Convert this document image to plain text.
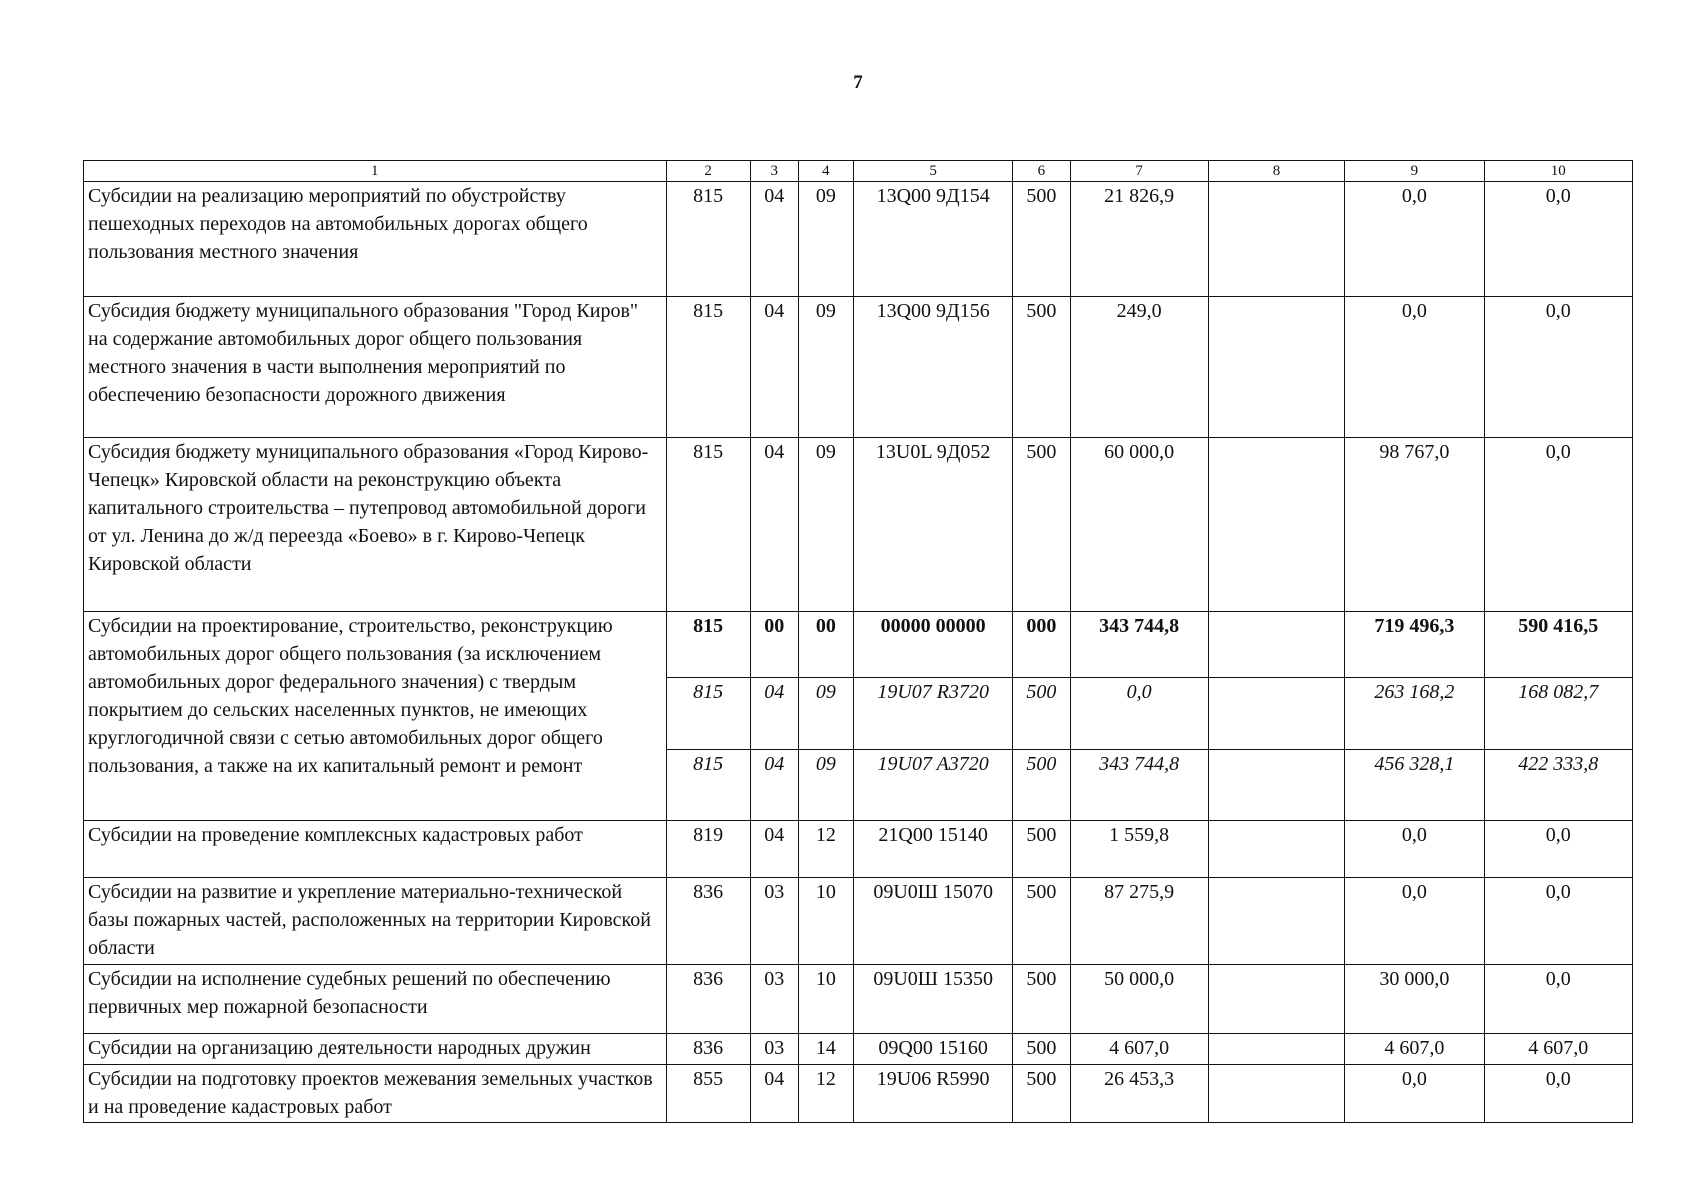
7
1	2	3	4	5	6	7	8	9	10
Субсидии на реализацию мероприятий по обустройству пешеходных переходов на автомобильных дорогах общего пользования местного значения	815	04	09	13Q00 9Д154	500	21 826,9		0,0	0,0
Субсидия бюджету муниципального образования "Город Киров" на содержание автомобильных дорог общего пользования местного значения в части выполнения мероприятий по обеспечению безопасности дорожного движения	815	04	09	13Q00 9Д156	500	249,0		0,0	0,0
Субсидия бюджету муниципального образования «Город Кирово-Чепецк» Кировской области на реконструкцию объекта капитального строительства – путепровод автомобильной дороги от ул. Ленина до ж/д переезда «Боево» в г. Кирово-Чепецк Кировской области	815	04	09	13U0L 9Д052	500	60 000,0		98 767,0	0,0
Субсидии на проектирование, строительство, реконструкцию автомобильных дорог общего пользования (за исключением автомобильных дорог федерального значения) с твердым покрытием до сельских населенных пунктов, не имеющих круглогодичной связи с сетью автомобильных дорог общего пользования, а также на их капитальный ремонт и ремонт	815	00	00	00000 00000	000	343 744,8		719 496,3	590 416,5
	815	04	09	19U07 R3720	500	0,0		263 168,2	168 082,7
	815	04	09	19U07 A3720	500	343 744,8		456 328,1	422 333,8
Субсидии на проведение комплексных кадастровых работ	819	04	12	21Q00 15140	500	1 559,8		0,0	0,0
Субсидии на развитие и укрепление материально-технической базы пожарных частей, расположенных на территории Кировской области	836	03	10	09U0Ш 15070	500	87 275,9		0,0	0,0
Субсидии на исполнение судебных решений по обеспечению первичных мер пожарной безопасности	836	03	10	09U0Ш 15350	500	50 000,0		30 000,0	0,0
Субсидии на организацию деятельности народных дружин	836	03	14	09Q00 15160	500	4 607,0		4 607,0	4 607,0
Субсидии на подготовку проектов межевания земельных участков и на проведение кадастровых работ	855	04	12	19U06 R5990	500	26 453,3		0,0	0,0
